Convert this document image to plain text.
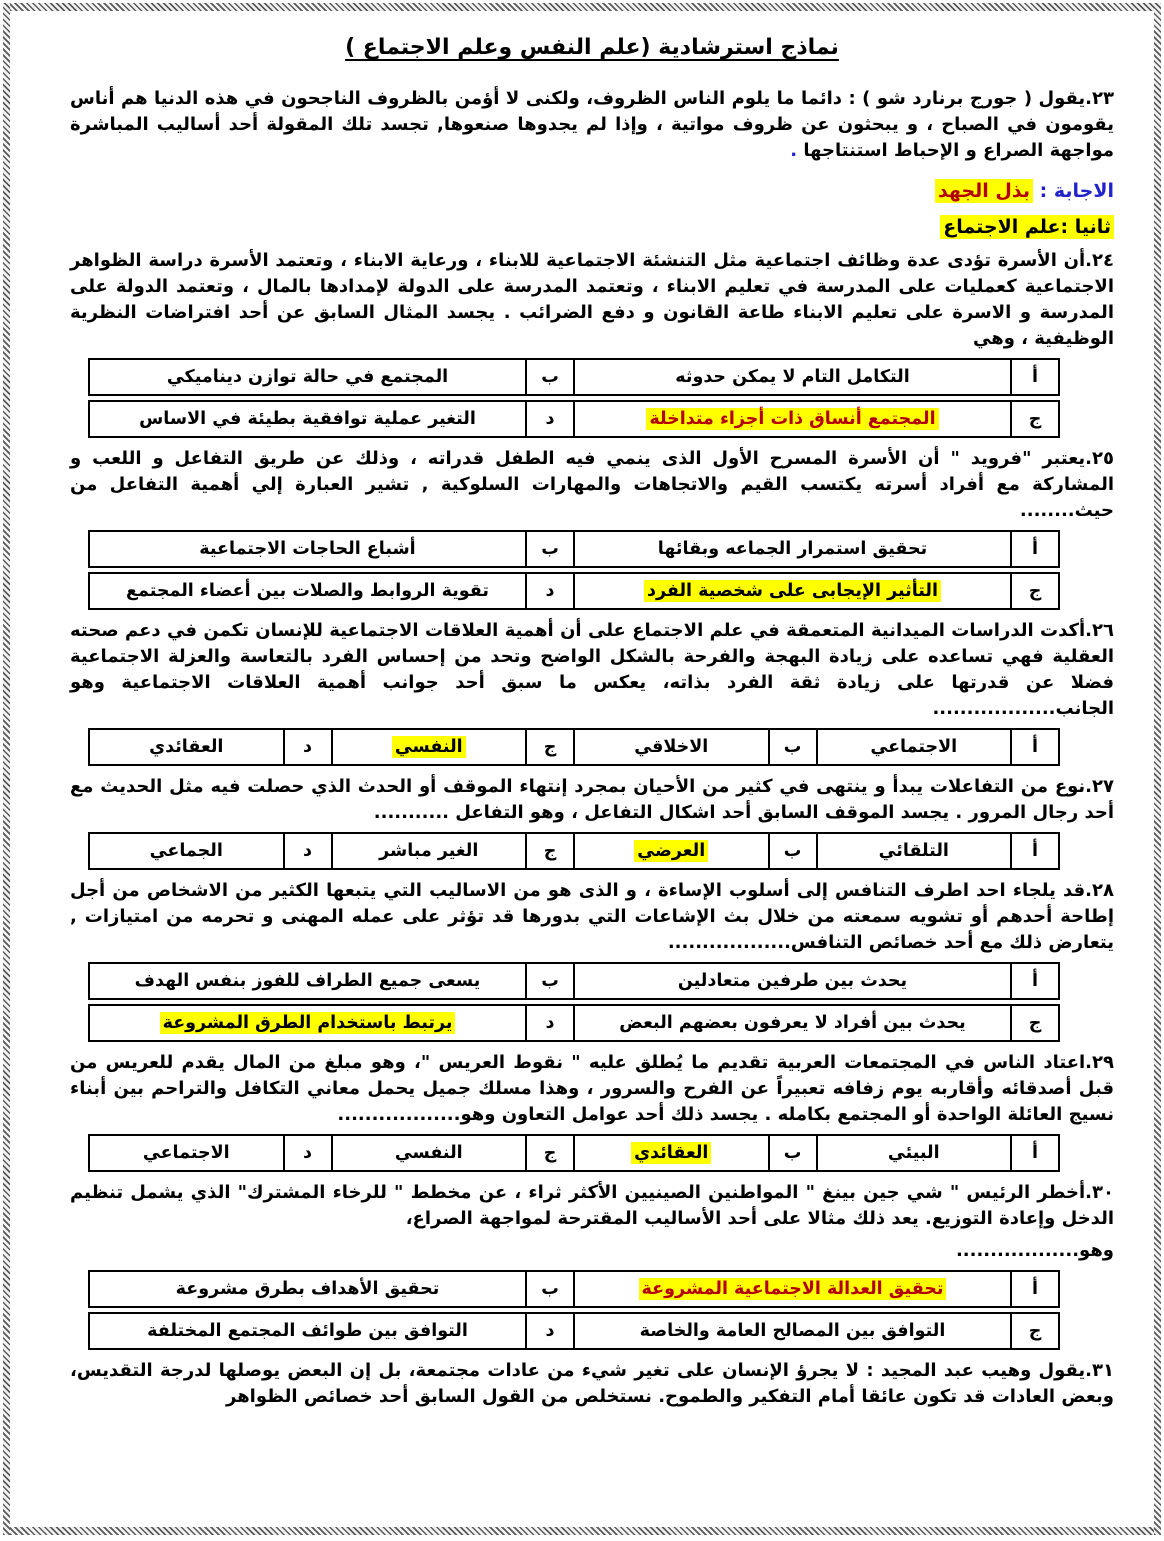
نماذج استرشادية (علم النفس وعلم الاجتماع )
٢٣.يقول ( جورج برنارد شو ) : دائما ما يلوم الناس الظروف، ولكنى لا أؤمن بالظروف الناجحون في هذه الدنيا هم أناس يقومون في الصباح ، و يبحثون عن ظروف مواتية ، وإذا لم يجدوها صنعوها, تجسد تلك المقولة أحد أساليب المباشرة مواجهة الصراع و الإحباط استنتاجها .
الاجابة : بذل الجهد
ثانيا :علم الاجتماع
٢٤.أن الأسرة تؤدى عدة وظائف اجتماعية مثل التنشئة الاجتماعية للابناء ، ورعاية الابناء ، وتعتمد الأسرة دراسة الظواهر الاجتماعية كعمليات على المدرسة في تعليم الابناء ، وتعتمد المدرسة على الدولة لإمدادها بالمال ، وتعتمد الدولة على المدرسة و الاسرة على تعليم الابناء طاعة القانون و دفع الضرائب . يجسد المثال السابق عن أحد افتراضات النظرية الوظيفية ، وهي
أ	التكامل التام لا يمكن حدوثه	ب	المجتمع في حالة توازن ديناميكي
ج	المجتمع أنساق ذات أجزاء متداخلة	د	التغير عملية توافقية بطيئة في الاساس
٢٥.يعتبر "فرويد " أن الأسرة المسرح الأول الذى ينمي فيه الطفل قدراته ، وذلك عن طريق التفاعل و اللعب و المشاركة مع أفراد أسرته يكتسب القيم والاتجاهات والمهارات السلوكية , تشير العبارة إلي أهمية التفاعل من حيث........
أ	تحقيق استمرار الجماعه وبقائها	ب	أشباع الحاجات الاجتماعية
ج	التأثير الإيجابى على شخصية الفرد	د	تقوية الروابط والصلات بين أعضاء المجتمع
٢٦.أكدت الدراسات الميدانية المتعمقة في علم الاجتماع على أن أهمية العلاقات الاجتماعية للإنسان تكمن في دعم صحته العقلية فهي تساعده على زيادة البهجة والفرحة بالشكل الواضح وتحد من إحساس الفرد بالتعاسة والعزلة الاجتماعية فضلا عن قدرتها على زيادة ثقة الفرد بذاته، يعكس ما سبق أحد جوانب أهمية العلاقات الاجتماعية وهو الجانب..................
أ	الاجتماعي	ب	الاخلاقي	ج	النفسي	د	العقائدي
٢٧.نوع من التفاعلات يبدأ و ينتهى في كثير من الأحيان بمجرد إنتهاء الموقف أو الحدث الذي حصلت فيه مثل الحديث مع أحد رجال المرور . يجسد الموقف السابق أحد اشكال التفاعل ، وهو التفاعل ...........
أ	التلقائي	ب	العرضي	ج	الغير مباشر	د	الجماعي
٢٨.قد يلجاء احد اطرف التنافس إلى أسلوب الإساءة ، و الذى هو من الاساليب التي يتبعها الكثير من الاشخاص من أجل إطاحة أحدهم أو تشويه سمعته من خلال بث الإشاعات التي بدورها قد تؤثر على عمله المهنى و تحرمه من امتيازات , يتعارض ذلك مع أحد خصائص التنافس..................
أ	يحدث بين طرفين متعادلين	ب	يسعى جميع الطراف للفوز بنفس الهدف
ج	يحدث بين أفراد لا يعرفون بعضهم البعض	د	يرتبط باستخدام الطرق المشروعة
٢٩.اعتاد الناس في المجتمعات العربية تقديم ما يُطلق عليه " نقوط العريس "، وهو مبلغ من المال يقدم للعريس من قبل أصدقائه وأقاربه يوم زفافه تعبيراً عن الفرح والسرور ، وهذا مسلك جميل يحمل معاني التكافل والتراحم بين أبناء نسيج العائلة الواحدة أو المجتمع بكامله . يجسد ذلك أحد عوامل التعاون وهو..................
أ	البيئي	ب	العقائدي	ج	النفسي	د	الاجتماعي
٣٠.أخطر الرئيس " شي جين بينغ " المواطنين الصينيين الأكثر ثراء ، عن مخطط " للرخاء المشترك" الذي يشمل تنظيم الدخل وإعادة التوزيع. يعد ذلك مثالا على أحد الأساليب المقترحة لمواجهة الصراع،
وهو..................
أ	تحقيق العدالة الاجتماعية المشروعة	ب	تحقيق الأهداف بطرق مشروعة
ج	التوافق بين المصالح العامة والخاصة	د	التوافق بين طوائف المجتمع المختلفة
٣١.يقول وهيب عبد المجيد : لا يجرؤ الإنسان على تغير شيء من عادات مجتمعة، بل إن البعض يوصلها لدرجة التقديس، وبعض العادات قد تكون عائقا أمام التفكير والطموح. نستخلص من القول السابق أحد خصائص الظواهر
